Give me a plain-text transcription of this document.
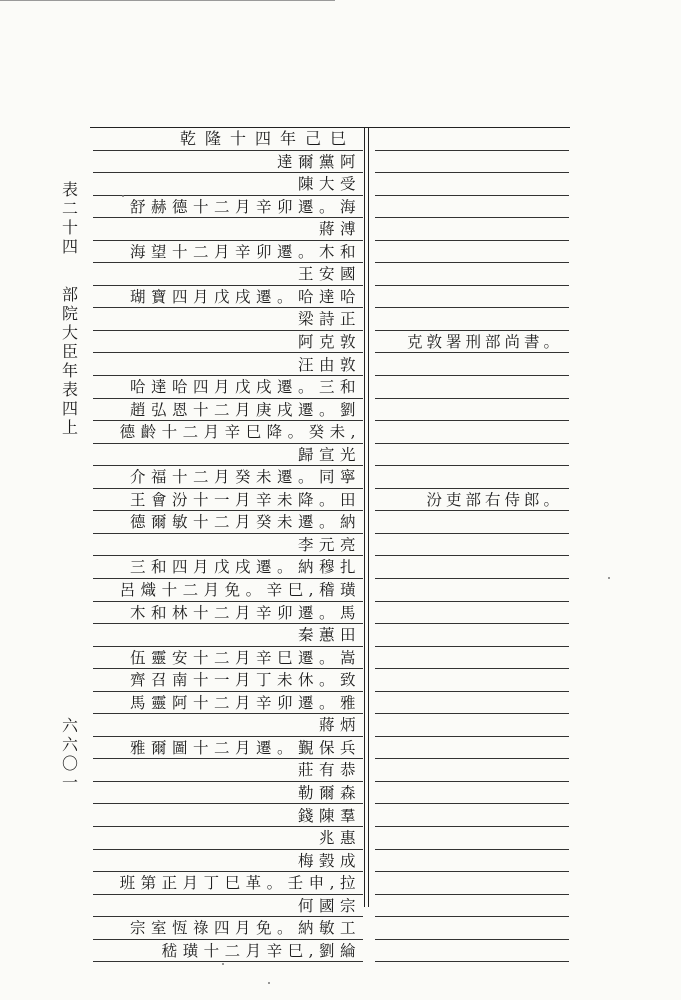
表
二
十
四
部
院
大
臣
年
表
四
上
六
六
〇
一
乾隆十四年己巳
達爾黨阿
陳大受
舒赫德十二月辛卯遷。海
蔣溥
海望十二月辛卯遷。木和
王安國
瑚寶四月戊戌遷。哈達哈
梁詩正
阿克敦
汪由敦
哈達哈四月戊戌遷。三和
趙弘恩十二月庚戌遷。劉
德齡十二月辛巳降。癸未,
歸宣光
介福十二月癸未遷。同寧
王會汾十一月辛未降。田
德爾敏十二月癸未遷。納
李元亮
三和四月戊戌遷。納穆扎
呂熾十二月免。辛巳,稽璜
木和林十二月辛卯遷。馬
秦蕙田
伍靈安十二月辛巳遷。嵩
齊召南十一月丁未休。致
馬靈阿十二月辛卯遷。雅
蔣炳
雅爾圖十二月遷。覲保兵
莊有恭
勒爾森
錢陳羣
兆惠
梅瑴成
班第正月丁巳革。壬申,拉
何國宗
宗室恆祿四月免。納敏工
嵇璜十二月辛巳,劉綸
克敦署刑部尚書。
汾吏部右侍郎。
